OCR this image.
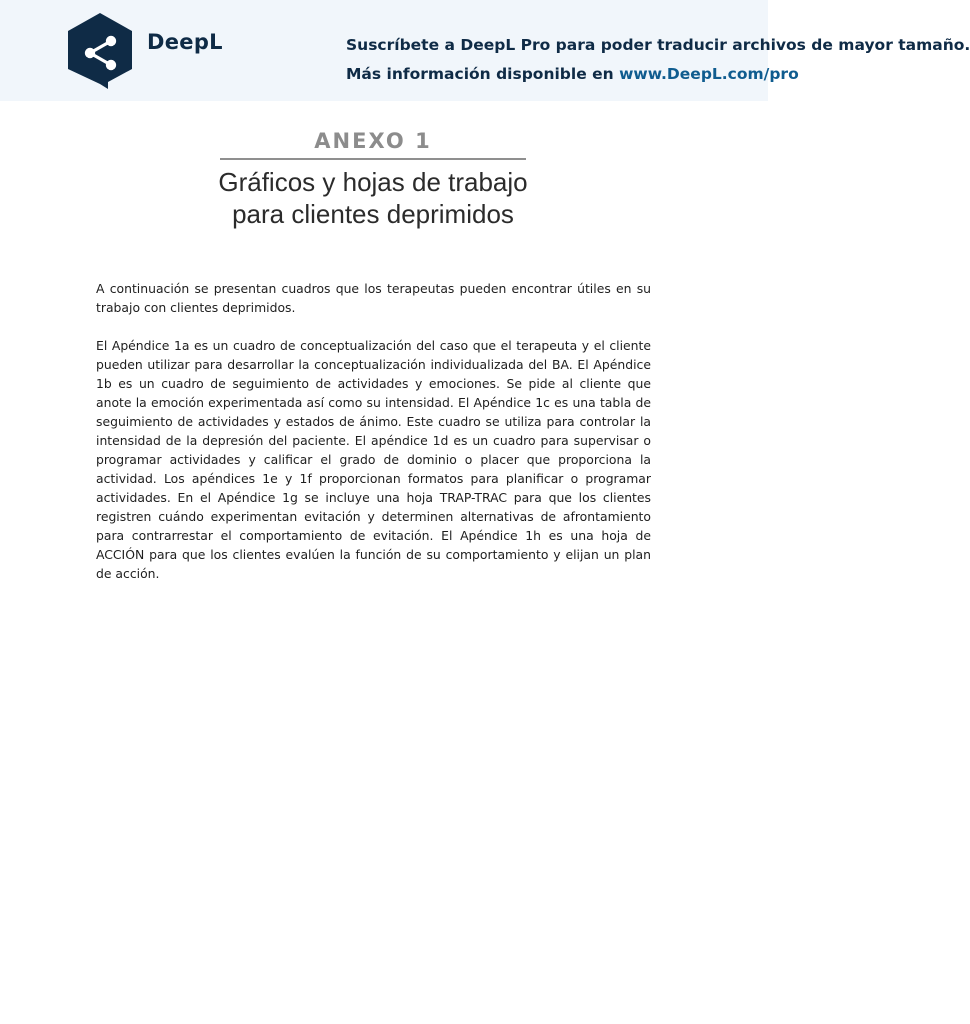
DeepL	Suscríbete a DeepL Pro para poder traducir archivos de mayor tamaño.
Más información disponible en www.DeepL.com/pro
ANEXO 1
Gráficos y hojas de trabajo para clientes deprimidos

A continuación se presentan cuadros que los terapeutas pueden encontrar útiles en su trabajo con clientes deprimidos.

El Apéndice 1a es un cuadro de conceptualización del caso que el terapeuta y el cliente pueden utilizar para desarrollar la conceptualización individualizada del BA. El Apéndice 1b es un cuadro de seguimiento de actividades y emociones. Se pide al cliente que anote la emoción experimentada así como su intensidad. El Apéndice 1c es una tabla de seguimiento de actividades y estados de ánimo. Este cuadro se utiliza para controlar la intensidad de la depresión del paciente. El apéndice 1d es un cuadro para supervisar o programar actividades y calificar el grado de dominio o placer que proporciona la actividad. Los apéndices 1e y 1f proporcionan formatos para planificar o programar actividades. En el Apéndice 1g se incluye una hoja TRAP-TRAC para que los clientes registren cuándo experimentan evitación y determinen alternativas de afrontamiento para contrarrestar el comportamiento de evitación. El Apéndice 1h es una hoja de ACCIÓN para que los clientes evalúen la función de su comportamiento y elijan un plan de acción.
